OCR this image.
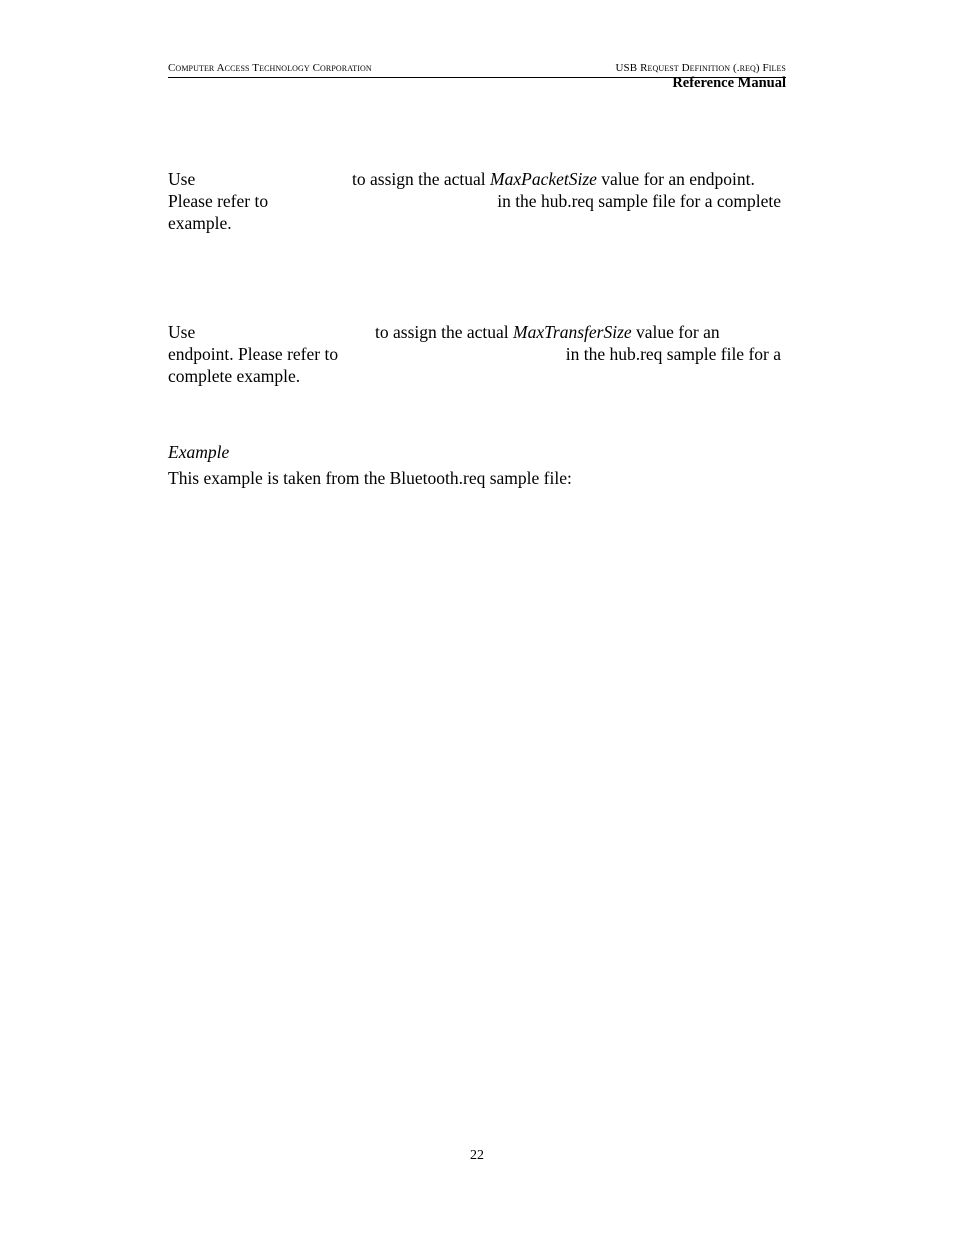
Computer Access Technology Corporation	USB Request Definition (.req) Files
Reference Manual
Use	to assign the actual MaxPacketSize value for an endpoint.
Please refer to	in the hub.req sample file for a complete
example.
Use	to assign the actual MaxTransferSize value for an
endpoint. Please refer to	in the hub.req sample file for a
complete example.
Example
This example is taken from the Bluetooth.req sample file:
22
